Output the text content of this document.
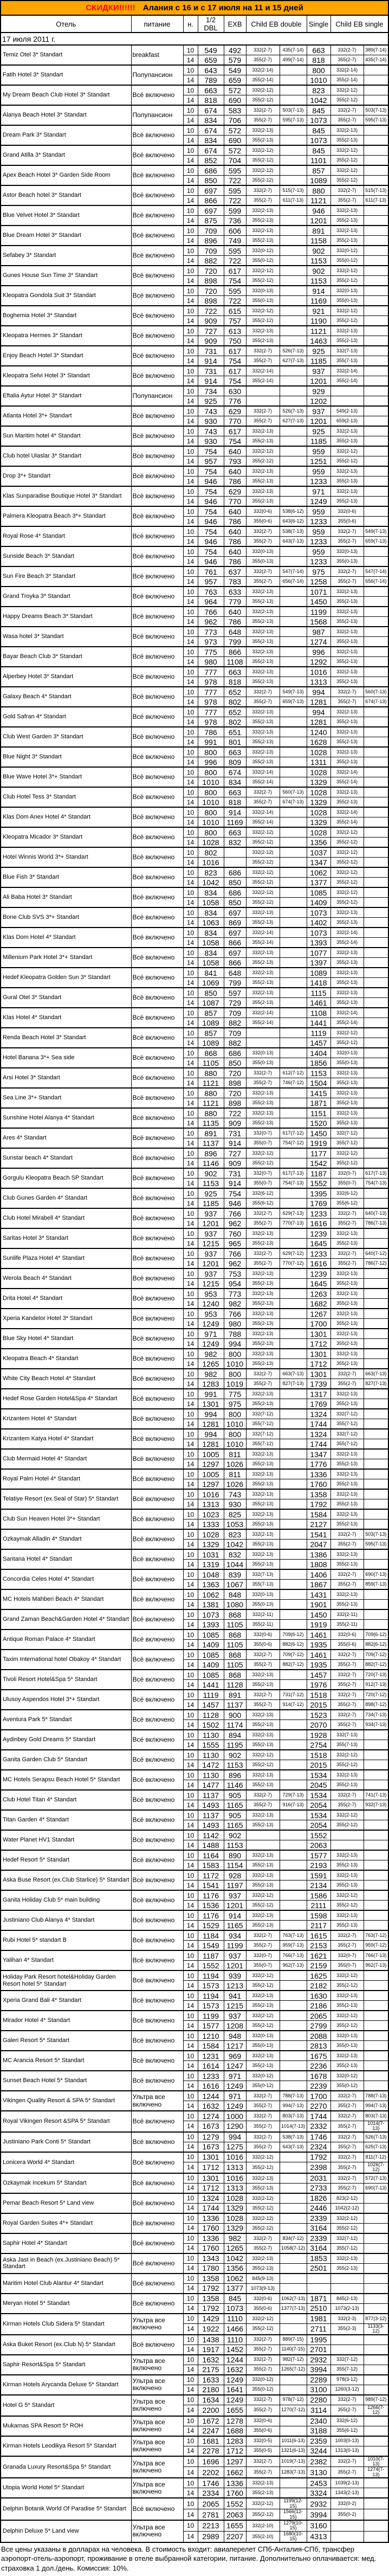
СКИДКИ!!!!!! Алания с 16 и с 17 июля на 11 и 15 дней									
Отель	питание	н.	1/2 DBL	EXB	Child EB double		Single	Child EB single	
17 июля 2011 г.									
Temiz Otel 3* Standart	breakfast	10	549	492	332(2-7)	435(7-14)	663	332(2-7)	389(7-14)
		14	659	579	355(2-7)	499(7-14)	818	355(2-7)	435(7-14)
Fatih Hotel 3* Standart	Полупансион	10	643	549	332(2-14)		800	332(2-14)	
		14	789	659	355(2-14)		1010	355(2-14)	
My Dream Beach Club Hotel 3* Standart	Всё включено	10	663	572	332(2-12)		823	332(2-12)	
		14	818	690	355(2-12)		1042	355(2-12)	
Alanya Beach Hotel 3* Standart	Полупансион	10	674	583	332(2-7)	503(7-13)	845	332(2-7)	503(7-13)
		14	834	706	355(2-7)	595(7-13)	1073	355(2-7)	595(7-13)
Dream Park 3* Standart	Всё включено	10	674	572	332(2-13)		845	332(2-13)	
		14	834	690	355(2-13)		1073	355(2-13)	
Grand Atilla 3* Standart	Всё включено	10	674	572	332(2-12)		845	332(2-12)	
		14	852	704	355(2-12)		1101	355(2-12)	
Apex Beach Hotel 3* Garden Side Room	Всё включено	10	686	595	332(2-12)		857	332(2-12)	
		14	850	722	355(2-12)		1089	355(2-12)	
Astor Beach hotel 3* Standart	Всё включено	10	697	595	332(2-7)	515(7-13)	880	332(2-7)	515(7-13)
		14	866	722	355(2-7)	611(7-13)	1121	355(2-7)	611(7-13)
Blue Velvet Hotel 3* Standart	Всё включено	10	697	599	332(2-13)		946	332(2-13)	
		14	875	736	355(2-13)		1201	355(2-13)	
Blue Dream Hotel 3* Standart	Всё включено	10	709	606	332(2-13)		891	332(2-13)	
		14	896	749	355(2-13)		1158	355(2-13)	
Sefabey 3* Standart	Всё включено	10	709	595	332(0-12)		902	332(0-12)	
		14	882	722	355(0-12)		1153	355(0-12)	
Gunes House Sun Time 3* Standart	Всё включено	10	720	617	332(2-12)		902	332(2-12)	
		14	898	754	355(2-12)		1153	355(2-12)	
Kleopatra Gondola Suit 3* Standart	Всё включено	10	720	595	332(0-13)		914	332(0-13)	
		14	898	722	355(0-13)		1169	355(0-13)	
Boghemia Hotel 3* Standart	Всё включено	10	722	615	332(2-12)		921	332(2-12)	
		14	909	757	355(2-12)		1190	355(2-12)	
Kleopatra Hermes 3* Standart	Всё включено	10	727	613	332(2-13)		1121	332(2-13)	
		14	909	750	355(2-13)		1463	355(2-13)	
Enjoy Beach Hotel 3* Standart	Всё включено	10	731	617	332(2-7)	526(7-13)	925	332(7-13)	
		14	914	754	355(2-7)	627(7-13)	1185	355(7-13)	
Kleopatra Selvi Hotel 3* Standart	Всё включено	10	731	617	332(2-14)		937	332(2-14)	
		14	914	754	355(2-14)		1201	355(2-14)	
Eftalia Aytur Hotel 3* Standart	Полупансион	10	734	630			929		
		14	925	776			1202		
Atlanta Hotel 3*+ Standart	Всё включено	10	743	629	332(2-7)	526(7-13)	937	549(2-13)	
		14	930	770	355(2-7)	627(7-13)	1201	659(2-13)	
Sun Maritim hotel 4* Standart	Всё включено	10	743	617	332(2-13)		925	332(2-13)	
		14	930	754	355(2-13)		1185	355(2-13)	
Club hotel Ulaslar 3* Standart	Всё включено	10	754	640	332(2-12)		959	332(2-12)	
		14	957	793	355(2-12)		1251	355(2-12)	
Drop 3*+ Standart	Всё включено	10	754	640	332(2-13)		959	332(2-13)	
		14	946	786	355(2-13)		1233	355(2-13)	
Klas Sunparadise Boutique Hotel 3* Standart	Всё включено	10	754	629	332(2-13)		971	332(2-13)	
		14	946	770	355(2-13)		1249	355(2-13)	
Palmera Kleopatra Beach 3*+ Standart	Всё включено	10	754	640	332(0-6)	538(6-12)	959	332(0-6)	
		14	946	786	355(0-6)	643(6-12)	1233	355(0-6)	
Royal Rose 4* Standart	Всё включено	10	754	640	332(2-7)	538(7-13)	959	332(2-7)	549(7-13)
		14	946	786	355(2-7)	643(7-13)	1233	355(2-7)	659(7-13)
Sunside Beach 3* Standart	Всё включено	10	754	640	332(0-13)		959	332(0-13)	
		14	946	786	355(0-13)		1233	355(0-13)	
Sun Fire Beach 3* Standart	Всё включено	10	761	637	332(2-7)	547(7-14)	975	332(2-7)	547(7-14)
		14	957	783	355(2-7)	656(7-14)	1258	355(2-7)	656(7-14)
Grand Troyka 3* Standart	Всё включено	10	763	633	332(2-13)		1071	332(2-13)	
		14	964	779	355(2-13)		1450	355(2-13)	
Happy Dreams Beach 3* Standart	Всё включено	10	766	640	332(2-13)		1199	332(2-13)	
		14	962	786	355(2-13)		1568	355(2-13)	
Wasa hotel 3* Standart	Всё включено	10	773	648	332(2-13)		987	332(2-13)	
		14	973	799	355(2-13)		1274	355(2-13)	
Bayar Beach Club 3* Standart	Всё включено	10	775	866	332(2-13)		996	332(2-13)	
		14	980	1108	355(2-13)		1292	355(2-13)	
Alperbey Hotel 3* Standart	Всё включено	10	777	663	332(2-13)		1016	332(2-13)	
		14	978	818	355(2-13)		1313	355(2-13)	
Galaxy Beach 4* Standart	Всё включено	10	777	652	332(2-7)	549(7-13)	994	332(2-7)	560(7-13)
		14	978	802	355(2-7)	659(7-13)	1281	355(2-7)	674(7-13)
Gold Safran 4* Standart	Всё включено	10	777	652	332(2-13)		994	332(2-13)	
		14	978	802	355(2-13)		1281	355(2-13)	
Club West Garden 3* Standart	Всё включено	10	786	651	332(2-13)		1240	332(2-13)	
		14	991	801	355(2-13)		1628	355(2-13)	
Blue Night 3* Standart	Всё включено	10	800	663	332(2-13)		1028	332(2-13)	
		14	996	809	355(2-13)		1311	355(2-13)	
Blue Wave Hotel 3*+ Standart	Всё включено	10	800	674	332(2-14)		1028	332(2-14)	
		14	1010	834	355(2-14)		1329	355(2-14)	
Club Hotel Tess 3* Standart	Всё включено	10	800	663	332(2-7)	560(7-13)	1028	332(2-13)	
		14	1010	818	355(2-7)	674(7-13)	1329	355(2-13)	
Klas Dom Anex Hotel 4* Standart	Всё включено	10	800	914	332(2-14)		1028	332(2-14)	
		14	1010	1169	355(2-14)		1329	355(2-14)	
Kleopatra Micador 3* Standart	Всё включено	10	800	663	332(2-12)		1028	332(2-12)	
		14	1028	832	355(2-12)		1356	355(2-12)	
Hotel Winnis World 3*+ Standart	Всё включено	10	802		332(2-12)		1037	332(2-12)	
		14	1016		355(2-12)		1347	355(2-12)	
Blue Fish 3* Standart	Всё включено	10	823	686	332(2-12)		1062	332(2-12)	
		14	1042	850	355(2-12)		1377	355(2-12)	
Ali Baba Hotel 3* Standart	Всё включено	10	834	686	332(2-12)		1085	332(2-12)	
		14	1058	850	355(2-12)		1409	355(2-12)	
Bone Club SVS 3*+ Standart	Всё включено	10	834	697	332(2-13)		1073	332(2-13)	
		14	1063	869	355(2-13)		1402	355(2-13)	
Klas Dom Hotel 4* Standart	Всё включено	10	834	697	332(2-14)		1073	332(2-14)	
		14	1058	866	355(2-14)		1393	355(2-14)	
Millenium Park Hotel 3*+ Standart	Всё включено	10	834	697	332(2-13)		1077	332(2-13)	
		14	1058	866	355(2-13)		1397	355(2-13)	
Hedef Kleopatra Golden Sun 3* Standart	Всё включено	10	841	648	332(2-13)		1089	332(2-13)	
		14	1069	799	355(2-13)		1418	355(2-13)	
Gural Otel 3* Standart	Всё включено	10	850	597	332(2-13)		1115	332(2-13)	
		14	1087	729	355(2-13)		1461	355(2-13)	
Klas Hotel 4* Standart	Всё включено	10	857	709	332(2-14)		1108	332(2-14)	
		14	1089	882	355(2-14)		1441	355(2-14)	
Renda Beach Hotel 3* Standart	Всё включено	10	857	709			1119	332(2-12)	
		14	1089	882			1457	355(2-12)	
Hotel Banana 3*+ Sea side	Всё включено	10	868	686	332(0-13)		1404	332(0-13)	
		14	1105	850	355(0-13)		1856	355(0-13)	
Arsi Hotel 3* Standart	Всё включено	10	880	720	332(2-7)	612(7-12)	1153	332(2-13)	
		14	1121	898	355(2-7)	746(7-12)	1504	355(2-13)	
Sea Line 3*+ Standart	Всё включено	10	880	720	332(2-13)		1415	332(2-13)	
		14	1121	898	355(2-13)		1871	355(2-13)	
Sunshine Hotel Alanya 4* Standart	Всё включено	10	880	722	332(2-13)		1151	332(2-13)	
		14	1135	909	355(2-13)		1520	355(2-13)	
Ares 4* Standart	Всё включено	10	891	731	332(0-7)	617(7-12)	1450	332(7-12)	
		14	1137	914	355(0-7)	754(7-12)	1919	355(7-12)	
Sunstar beach 4* Standart	Всё включено	10	896	727	332(2-12)		1177	332(2-12)	
		14	1146	909	355(2-12)		1542	355(2-12)	
Gorgulu Kleopatra Beach SP Standart	Всё включено	10	902	731	332(0-7)	617(7-13)	1187	332(0-7)	617(7-13)
		14	1153	914	355(0-7)	754(7-13)	1552	355(0-7)	754(7-13)
Club Gunes Garden 4* Standart	Всё включено	10	925	754	332(6-12)		1395	332(6-12)	
		14	1185	946	355(6-12)		1769	355(6-12)	
Club Hotel Mirabell 4* Standart	Всё включено	10	937	766	332(2-7)	629(7-13)	1233	332(2-7)	640(7-13)
		14	1201	962	355(2-7)	770(7-13)	1616	355(2-7)	786(7-13)
Saritas Hotel 3* Standart	Всё включено	10	937	760	332(2-13)		1239	332(2-13)	
		14	1215	965	355(2-13)		1645	355(2-13)	
Sunlife Plaza Hotel 4* Standart	Всё включено	10	937	766	332(2-7)	629(7-12)	1233	332(2-7)	640(7-12)
		14	1201	962	355(2-7)	770(7-12)	1616	355(2-7)	786(7-12)
Werola Beach 4* Standart	Всё включено	10	937	753	332(2-13)		1239	332(2-13)	
		14	1215	954	355(2-13)		1645	355(2-13)	
Drita Hotel 4* Standart	Всё включено	10	953	773	332(2-13)		1263	332(2-13)	
		14	1240	982	355(2-13)		1682	355(2-13)	
Xperia Kandelor Hotel 3* Standart	Всё включено	10	953	766	332(2-13)		1267	332(2-13)	
		14	1249	980	355(2-13)		1700	355(2-13)	
Blue Sky Hotel 4* Standart	Всё включено	10	971	788	332(2-13)		1301	332(2-13)	
		14	1249	994	355(2-13)		1712	355(2-13)	
Kleopatra Beach 4* Standart	Всё включено	10	982	800	332(2-13)		1301	332(2-13)	
		14	1265	1010	355(2-13)		1712	355(2-13)	
White City Beach Hotel 4* Standart	Всё включено	10	982	800	332(2-7)	663(7-13)	1301	332(2-7)	663(7-13)
		14	1283	1019	355(2-7)	827(7-13)	1739	355(2-7)	827(7-13)
Hedef Rose Garden Hotel&Spa 4* Standart	Всё включено	10	991	775	332(2-13)		1317	332(2-13)	
		14	1301	975	355(2-13)		1769	355(2-13)	
Krizantem Hotel 4* Standart	Всё включено	10	994	800	332(7-12)		1324	332(7-12)	
		14	1281	1010	355(7-12)		1744	355(7-12)	
Krizantem Katya Hotel 4* Standart	Всё включено	10	994	800	332(7-12)		1324	332(7-12)	
		14	1281	1010	355(7-12)		1744	355(7-12)	
Club Mermaid Hotel 4* Standart	Всё включено	10	1005	811	332(2-13)		1347	332(2-13)	
		14	1297	1026	355(2-13)		1776	355(2-13)	
Royal Palm Hotel 4* Standart	Всё включено	10	1005	811	332(2-13)		1336	332(2-13)	
		14	1297	1026	355(2-13)		1760	355(2-13)	
Telatiye Resort (ex.Seal of Star) 5* Standart	Всё включено	10	1016	743	332(2-13)		1358	332(2-13)	
		14	1313	930	355(2-13)		1792	355(2-13)	
Club Sun Heaven Hotel 3*+ Standart	Всё включено	10	1023	825	332(2-13)		1584	332(2-13)	
		14	1333	1053	355(2-13)		2127	355(2-13)	
Ozkaymak Alladin 4* Standart	Всё включено	10	1028	823	332(2-13)		1541	332(2-7)	503(7-13)
		14	1329	1042	355(2-13)		2047	355(2-7)	595(7-13)
Santana Hotel 4* Standart	Всё включено	10	1031	832	332(2-13)		1386	332(2-13)	
		14	1319	1044	355(2-13)		1808	355(2-13)	
Concordia Celes Hotel 4* Standart	Всё включено	10	1048	839	332(7-13)		1406	332(2-7)	690(7-13)
		14	1363	1067	355(7-13)		1867	355(2-7)	859(7-13)
MC Hotels Mahberi Beach 4* Standart	Всё включено	10	1062	848	332(0-13)		1431	332(2-13)	
		14	1381	1080	355(0-13)		1901	355(2-13)	
Grand Zaman Beach&Garden Hotel 4* Standart	Всё включено	10	1073	868	332(2-11)		1450	332(2-11)	
		14	1393	1105	355(2-11)		1919	355(2-11)	
Antique Roman Palace 4* Standart	Всё включено	10	1085	868	332(0-6)	709(6-12)	1461	332(0-6)	709(6-12)
		14	1409	1105	355(0-6)	882(6-12)	1935	355(0-6)	882(6-12)
Taxim International hotel Obakoy 4* Standart	Всё включено	10	1085	868	332(2-7)	709(7-12)	1461	332(2-7)	709(7-12)
		14	1409	1105	355(2-7)	882(7-12)	1935	355(2-7)	882(7-12)
Tivoli Resort Hotel&Spa 5* Standart	Всё включено	10	1085	868	332(2-13)		1457	332(2-7)	720(7-13)
		14	1441	1128	355(2-13)		1976	355(2-7)	912(7-13)
Ulusoy Aspendos Hotel 3*+ Standart	Всё включено	10	1119	891	332(2-7)	731(7-12)	1518	332(2-7)	720(7-12)
		14	1457	1137	355(2-7)	914(7-12)	2015	355(2-7)	898(7-12)
Aventura Park 5* Standart	Всё включено	10	1128	900	332(2-13)		1523	332(2-7)	734(7-13)
		14	1502	1174	355(2-13)		2070	355(2-7)	934(7-13)
Aydinbey Gold Dreams 5* Standart	Всё включено	10	1130	894	332(2-13)		1928	332(7-13)	
		14	1555	1195	355(2-13)		2754	355(7-13)	
Ganita Garden Club 5* Standart	Всё включено	10	1130	902	332(2-12)		1518	332(2-12)	
		14	1472	1153	355(2-12)		2015	355(2-12)	
MC Hotels Serapsu Beach Hotel 5* Standart	Всё включено	10	1130	896	332(2-13)		1534	332(2-13)	
		14	1477	1146	355(2-13)		2045	355(2-13)	
Club Hotel Titan 4* Standart	Всё включено	10	1137	905	332(2-7)	729(7-13)	1534	332(2-7)	741(7-13)
		14	1493	1165	355(2-7)	916(7-13)	2054	355(2-7)	932(7-13)
Titan Garden 4* Standart	Всё включено	10	1137	905	332(2-13)		1534	332(2-12)	
		14	1493	1165	355(2-13)		2054	355(2-12)	
Water Planet HV1 Standart	Всё включено	10	1142	902			1552		
		14	1488	1153			2063		
Hedef Resort 5* Standart	Всё включено	10	1164	890	332(2-13)		1577	332(2-13)	
		14	1583	1154	355(2-13)		2193	355(2-13)	
Aska Buse Resort (ex.Club Starlice) 5* Standart	Всё включено	10	1172	928	332(2-13)		1591	332(2-13)	
		14	1541	1197	355(2-13)		2134	355(2-13)	
Ganita Holiday Club 5* main building	Всё включено	10	1176	937	332(2-12)		1586	332(2-12)	
		14	1536	1201	355(2-12)		2111	355(2-12)	
Justiniano Club Alanya 4* Standart	Всё включено	10	1176	914	332(2-13)		1598	332(2-13)	
		14	1529	1165	355(2-13)		2117	355(2-13)	
Rubi Hotel 5* standart B	Всё включено	10	1184	934	332(2-7)	763(7-13)	1615	332(2-7)	763(7-12)
		14	1549	1199	355(2-7)	959(7-13)	2153	355(2-7)	959(7-12)
Yalihan 4* Standart	Всё включено	10	1187	937	332(0-7)	766(7-13)	1621	332(0-7)	766(7-13)
		14	1552	1201	355(0-7)	962(7-13)	2159	355(0-7)	962(7-13)
Holiday Park Resort hotel&Holiday Garden Resort hotel 5* Standart	Всё включено	10	1194	939	332(2-12)		1625	332(2-12)	
		14	1573	1213	355(2-12)		2182	355(2-12)	
Xperia Grand Bali 4* Standart	Всё включено	10	1194	941	332(2-13)		1630	332(2-13)	
		14	1573	1215	355(2-13)		2186	355(2-13)	
Mirador Hotel 4* Standart	Всё включено	10	1199	937	332(2-12)		2065	332(2-12)	
		14	1577	1208	355(2-12)		2799	355(2-12)	
Galeri Resort 5* Standart	Всё включено	10	1210	948	332(0-13)		2088	332(0-13)	
		14	1584	1217	355(0-13)		2813	355(0-13)	
MC Arancia Resort 5* Standart	Всё включено	10	1231	969	332(2-13)		1675	332(2-13)	
		14	1614	1247	355(2-13)		2236	355(2-13)	
Sunset Beach Hotel 5* Standart	Всё включено	10	1233	971	332(0-12)		1678	332(0-12)	
		14	1616	1249	355(0-12)		2239	355(0-12)	
Vikingen Quality Resort & SPA 5* Standart	Ультра все включено	10	1244	971	332(2-7)	788(7-13)	1700	332(2-7)	788(7-13)
		14	1632	1249	355(2-7)	994(7-13)	2270	355(2-7)	994(7-13)
Royal Vikingen Resort &SPA 5* Standart	Всё включено	10	1274	1000	332(2-7)	803(7-13)	1744	332(2-7)	803(7-13)
		14	1673	1290	355(2-7)	1014(7-13)	2332	355(2-7)	1014(7-13)
Justiniano Park Conti 5* Standart	Всё включено	10	1279	994	332(2-7)	538(7-13)	1746	332(2-7)	526(7-13)
		14	1673	1275	355(2-7)	643(7-13)	2324	355(2-7)	625(7-13)
Lonicera World 4* Standart	Всё включено	10	1301	1016	332(2-12)		1792	332(2-7)	811(7-12)
		14	1712	1313	355(2-12)		2398	355(2-7)	1026(7-12)
Ozkaymak Incekum 5* Standart	Всё включено	10	1301	1016	332(2-13)		2031	332(2-7)	572(7-13)
		14	1712	1313	355(2-13)		2733	355(2-7)	690(7-13)
Pemar Beach Resort 5* Land view	Всё включено	10	1324	1028	332(2-12)		1826	823(2-12)	
		14	1744	1329	355(2-12)		2446	1042(2-12)	
Royal Garden Suites 4*+ Standart	Всё включено	10	1336	1028	332(2-12)		2339	332(2-12)	
		14	1760	1329	355(2-12)		3164	355(2-12)	
Saphir Hotel 4* Standart	Всё включено	10	1336	982	332(2-7)	834(7-12)	2339	332(7-12)	
		14	1760	1265	355(2-7)	1058(7-12)	3164	355(7-12)	
Aska Jast in Beach (ex.Justiniano Beach) 5* Standart	Всё включено	10	1343	1042	332(2-13)		1853	332(2-13)	
		14	1780	1356	355(2-13)		2501	355(2-13)	
Maritim Hotel Club Alantur 4* Standart	Всё включено	10	1358	1062	845(9-13)				
		14	1792	1377	1073(9-13)				
Meryan Hotel 5* Standart	Всё включено	10	1358	845	332(0-6)	1062(7-13)	1871	845(2-13)	
		14	1792	1073	355(0-6)	1377(7-13)	2510	1073(2-13)	
Kirman Hotels Club Sidera 5* Standart	Ультра все включено	10	1429	1110	332(2-12)		1981	332(2-3)	877(3-12)
		14	1922	1466	355(2-12)		2711	355(2-3)	1133(3-12)
Aska Buket Resort (ex.Club N) 5* Standart	Всё включено	10	1438	1110	332(2-7)	889(7-15)	1995		
		14	1917	1452	355(2-7)	1140(7-15)	2701		
Saphir Resort&Spa 5* Standart	Ультра все включено	10	1632	1244	332(2-7)	982(7-12)	2932	332(7-12)	
		14	2175	1632	355(2-7)	1265(7-12)	3994	355(7-12)	
Kirman Hotels Arycanda Deluxe 5* Standart	Ультра все включено	10	1633	1249	332(0-12)		2289	978(3-12)	
		14	2180	1641	355(0-12)		3100	1260(3-12)	
Hotel G 5* Standart	Ультра все включено	10	1634	1249	332(2-7)	978(7-12)	2280	332(2-7)	989(7-12)
		14	2200	1655	355(2-7)	1270(7-12)	3114	355(2-7)	1266(7-12)
Mukarnas SPA Resort 5* ROH	Ультра все включено	10	1672	1278	332(0-6)		2340	332(6-12)	
		14	2247	1688	355(0-6)		3188	355(6-12)	
Kirman Hotels Leodikya Resort 5* Standart	Ультра все включено	10	1681	1283	332(0-5)	1011(6-13)	2359	1003(0-13)	
		14	2278	1712	355(0-5)	1321(6-13)	3244	1313(0-13)	
Granada Luxury Resort&Spa 5* Standart	Ультра все включено	10	1696	1297	332(2-7)	1019(7-13)	2382	332(2-7)	1010(7-13)
		14	2202	1662	355(2-7)	1283(7-13)	3130	355(2-7)	1274(7-13)
Utopia World Hotel 5* Standart	Ультра все включено	10	1746	1336	332(2-13)		2453	1039(2-13)	
		14	2334	1760	355(2-13)		3324	1343(2-13)	
Delphin Botanik World Of Paradise 5* Standart	Всё включено	10	2065	1552	332(2-12)	1199(12-15)	2932	332(0-2)	
		14	2781	2063	355(2-12)	1566(12-15)	3994	355(0-2)	
Delphin Deluxe 5* Land view	Ультра все включено	10	2213	1655	332(2-10)	1279(10-15)	3160		
		14	2989	2207	355(2-10)	1680(10-15)	4313		
Все цены указаны в долларах на человека. В стоимость входит: авиаперелет СПб-Анталия-СПб, трансфер аэропорт-отель-аэропорт, проживание в отеле выбранной категории, питание. Дополнительно оплачивается: мед. страховка 1 дол./день. Комиссия: 10%.
